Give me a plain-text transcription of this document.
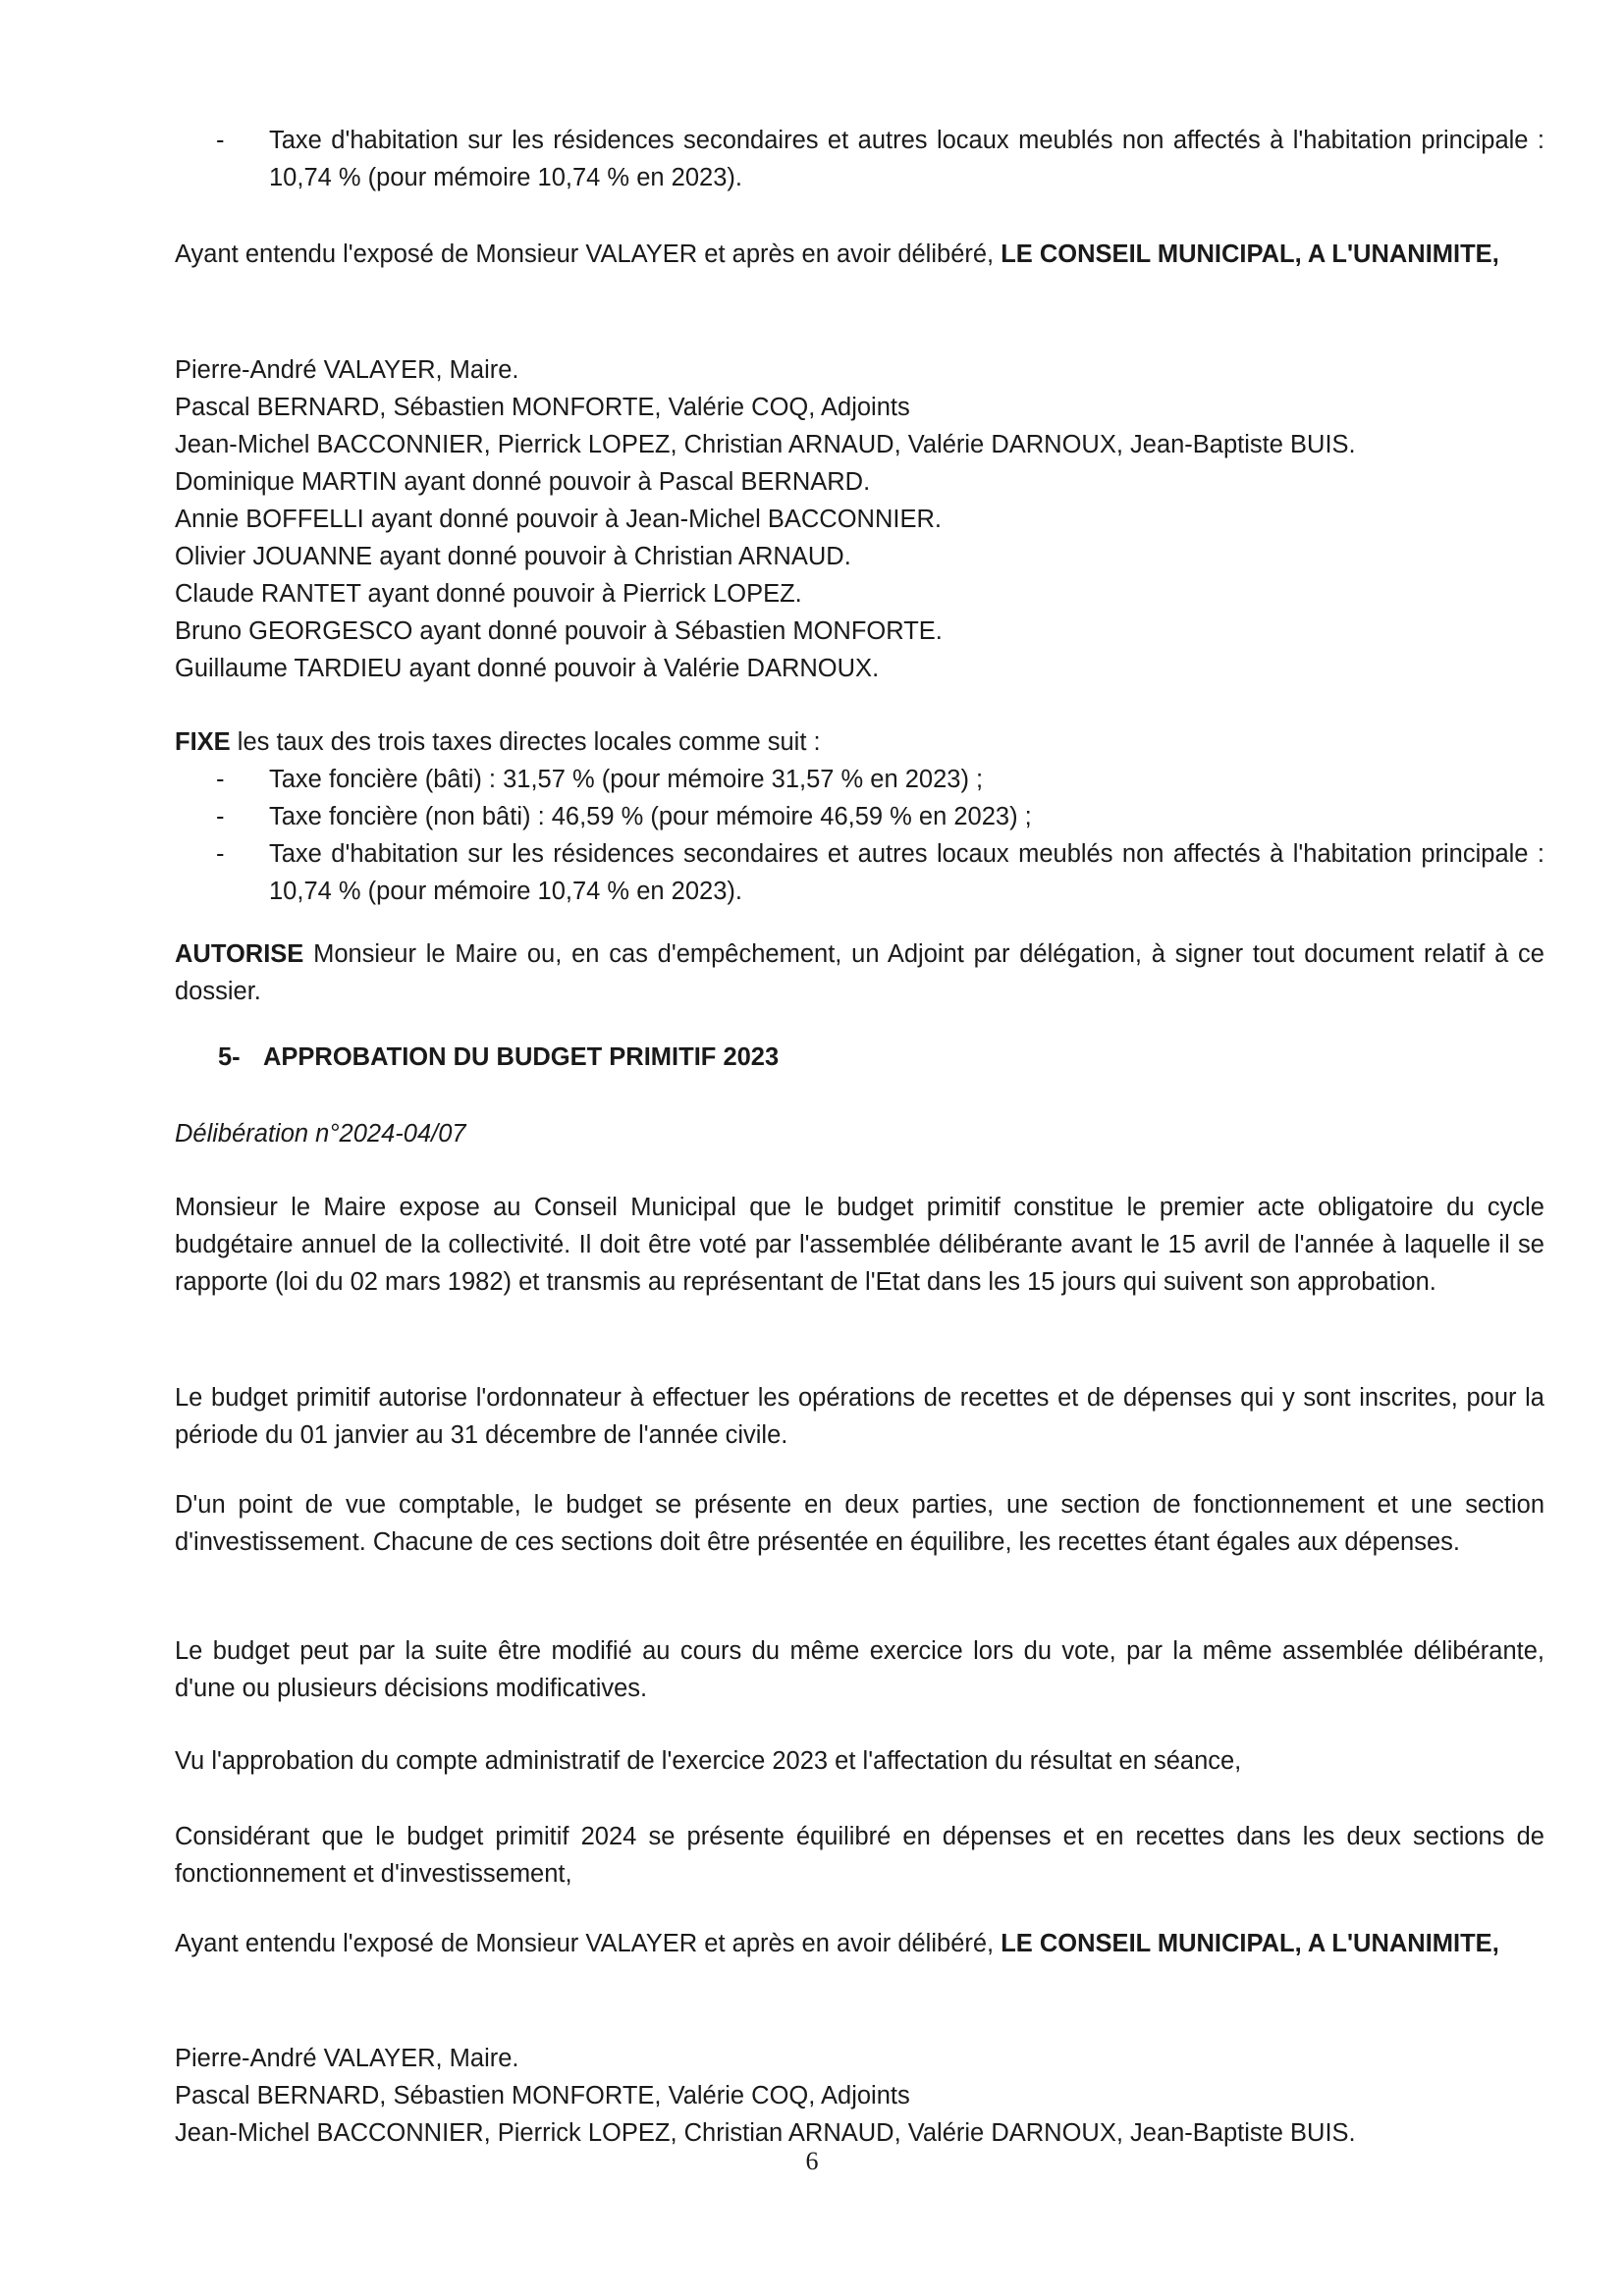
- Taxe d'habitation sur les résidences secondaires et autres locaux meublés non affectés à l'habitation principale : 10,74 % (pour mémoire 10,74 % en 2023).

Ayant entendu l'exposé de Monsieur VALAYER et après en avoir délibéré, LE CONSEIL MUNICIPAL, A L'UNANIMITE,

Pierre-André VALAYER, Maire.

Pascal BERNARD, Sébastien MONFORTE, Valérie COQ, Adjoints

Jean-Michel BACCONNIER, Pierrick LOPEZ, Christian ARNAUD, Valérie DARNOUX, Jean-Baptiste BUIS.

Dominique MARTIN ayant donné pouvoir à Pascal BERNARD.

Annie BOFFELLI ayant donné pouvoir à Jean-Michel BACCONNIER.

Olivier JOUANNE ayant donné pouvoir à Christian ARNAUD.

Claude RANTET ayant donné pouvoir à Pierrick LOPEZ.

Bruno GEORGESCO ayant donné pouvoir à Sébastien MONFORTE.

Guillaume TARDIEU ayant donné pouvoir à Valérie DARNOUX.

FIXE les taux des trois taxes directes locales comme suit :

- Taxe foncière (bâti) : 31,57 % (pour mémoire 31,57 % en 2023) ;
- Taxe foncière (non bâti) : 46,59 % (pour mémoire 46,59 % en 2023) ;
- Taxe d'habitation sur les résidences secondaires et autres locaux meublés non affectés à l'habitation principale : 10,74 % (pour mémoire 10,74 % en 2023).

AUTORISE Monsieur le Maire ou, en cas d'empêchement, un Adjoint par délégation, à signer tout document relatif à ce dossier.

5- APPROBATION DU BUDGET PRIMITIF 2023

Délibération n°2024-04/07

Monsieur le Maire expose au Conseil Municipal que le budget primitif constitue le premier acte obligatoire du cycle budgétaire annuel de la collectivité. Il doit être voté par l'assemblée délibérante avant le 15 avril de l'année à laquelle il se rapporte (loi du 02 mars 1982) et transmis au représentant de l'Etat dans les 15 jours qui suivent son approbation.

Le budget primitif autorise l'ordonnateur à effectuer les opérations de recettes et de dépenses qui y sont inscrites, pour la période du 01 janvier au 31 décembre de l'année civile.

D'un point de vue comptable, le budget se présente en deux parties, une section de fonctionnement et une section d'investissement. Chacune de ces sections doit être présentée en équilibre, les recettes étant égales aux dépenses.

Le budget peut par la suite être modifié au cours du même exercice lors du vote, par la même assemblée délibérante, d'une ou plusieurs décisions modificatives.

Vu l'approbation du compte administratif de l'exercice 2023 et l'affectation du résultat en séance,

Considérant que le budget primitif 2024 se présente équilibré en dépenses et en recettes dans les deux sections de fonctionnement et d'investissement,

Ayant entendu l'exposé de Monsieur VALAYER et après en avoir délibéré, LE CONSEIL MUNICIPAL, A L'UNANIMITE,

Pierre-André VALAYER, Maire.

Pascal BERNARD, Sébastien MONFORTE, Valérie COQ, Adjoints

Jean-Michel BACCONNIER, Pierrick LOPEZ, Christian ARNAUD, Valérie DARNOUX, Jean-Baptiste BUIS.

6
